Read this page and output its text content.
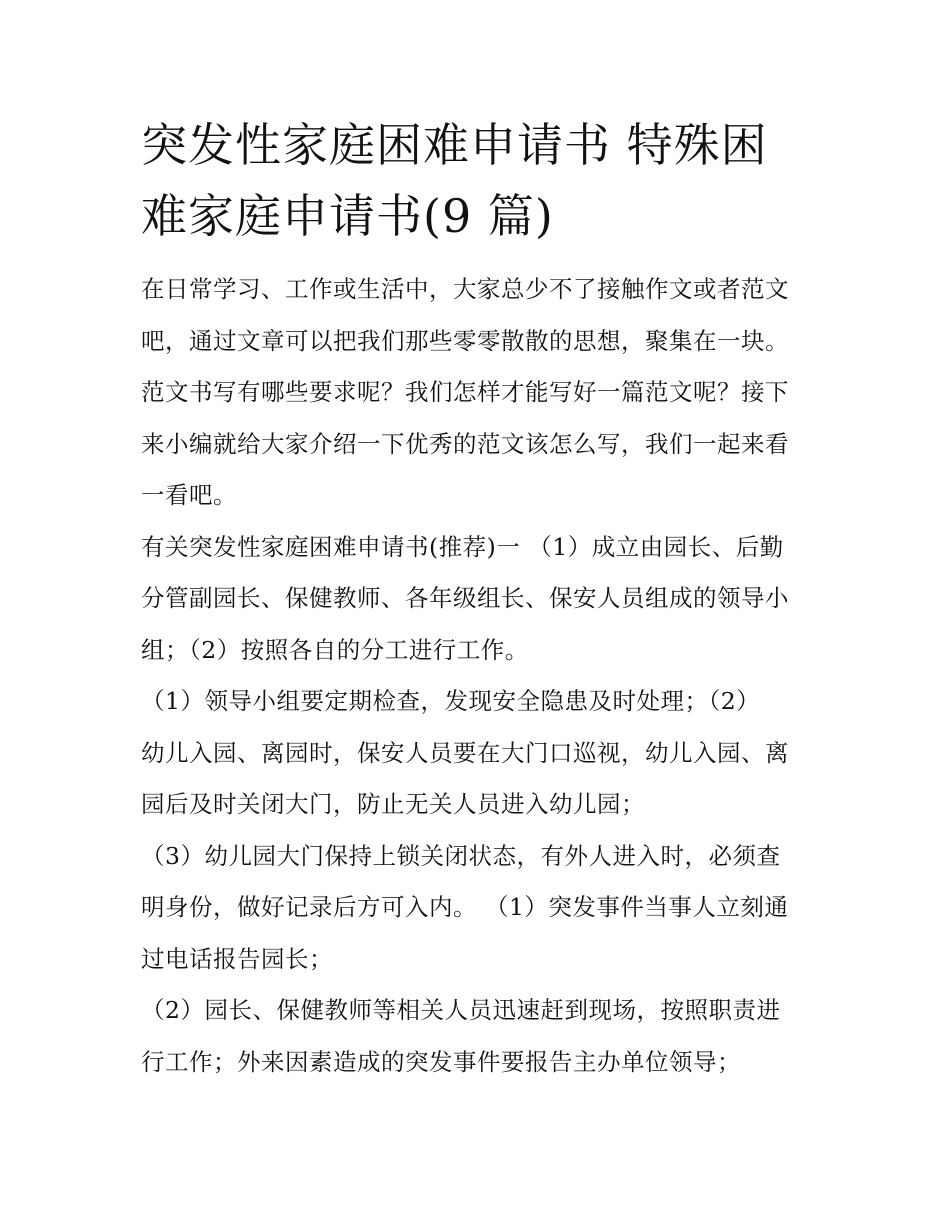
突发性家庭困难申请书 特殊困
难家庭申请书(9 篇)

在日常学习、工作或生活中，大家总少不了接触作文或者范文
吧，通过文章可以把我们那些零零散散的思想，聚集在一块。
范文书写有哪些要求呢？我们怎样才能写好一篇范文呢？接下
来小编就给大家介绍一下优秀的范文该怎么写，我们一起来看
一看吧。

有关突发性家庭困难申请书(推荐)一 （1）成立由园长、后勤
分管副园长、保健教师、各年级组长、保安人员组成的领导小
组；（2）按照各自的分工进行工作。

（1）领导小组要定期检查，发现安全隐患及时处理；（2）
幼儿入园、离园时，保安人员要在大门口巡视，幼儿入园、离
园后及时关闭大门，防止无关人员进入幼儿园；

（3）幼儿园大门保持上锁关闭状态，有外人进入时，必须查
明身份，做好记录后方可入内。 （1）突发事件当事人立刻通
过电话报告园长；

（2）园长、保健教师等相关人员迅速赶到现场，按照职责进
行工作；外来因素造成的突发事件要报告主办单位领导；
